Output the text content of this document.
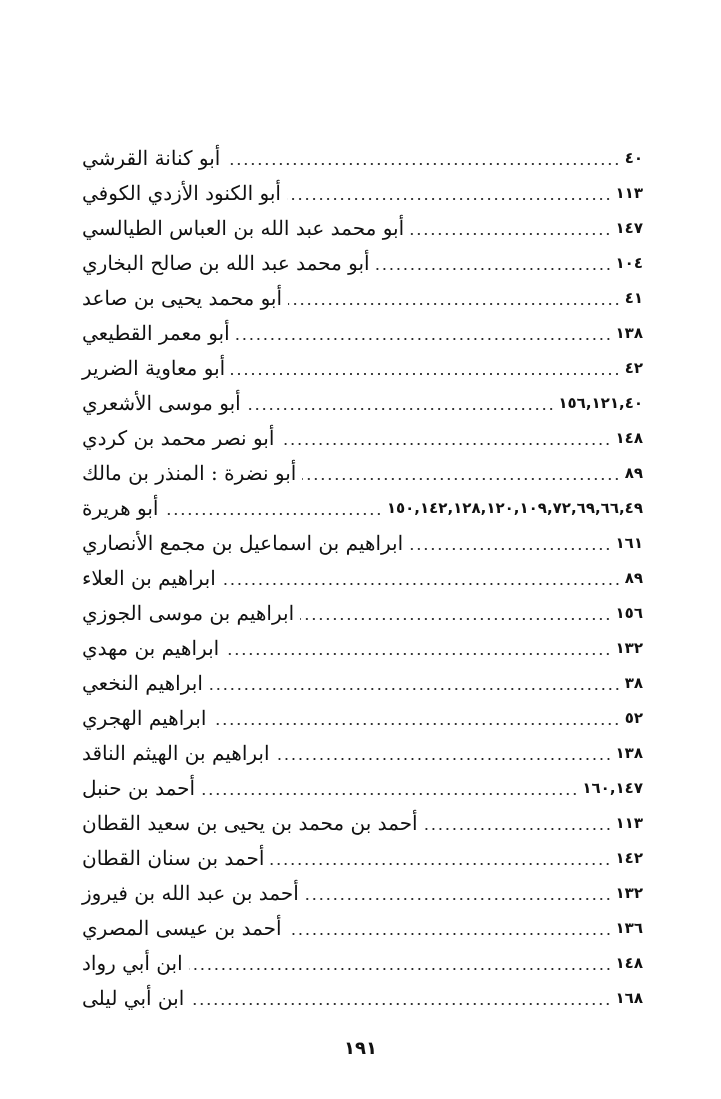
أبو كنانة القرشي	٤٠
أبو الكنود الأزدي الكوفي	١١٣
أبو محمد عبد الله بن العباس الطيالسي	١٤٧
أبو محمد عبد الله بن صالح البخاري	١٠٤
أبو محمد يحيى بن صاعد	٤١
أبو معمر القطيعي	١٣٨
أبو معاوية الضرير	٤٢
أبو موسى الأشعري	١٥٦,١٢١,٤٠
أبو نصر محمد بن كردي	١٤٨
أبو نضرة : المنذر بن مالك	٨٩
أبو هريرة	١٥٠,١٤٢,١٢٨,١٢٠,١٠٩,٧٢,٦٩,٦٦,٤٩
ابراهيم بن اسماعيل بن مجمع الأنصاري	١٦١
ابراهيم بن العلاء	٨٩
ابراهيم بن موسى الجوزي	١٥٦
ابراهيم بن مهدي	١٣٢
ابراهيم النخعي	٣٨
ابراهيم الهجري	٥٢
ابراهيم بن الهيثم الناقد	١٣٨
أحمد بن حنبل	١٦٠,١٤٧
أحمد بن محمد بن يحيى بن سعيد القطان	١١٣
أحمد بن سنان القطان	١٤٢
أحمد بن عبد الله بن فيروز	١٣٢
أحمد بن عيسى المصري	١٣٦
ابن أبي رواد	١٤٨
ابن أبي ليلى	١٦٨
١٩١
